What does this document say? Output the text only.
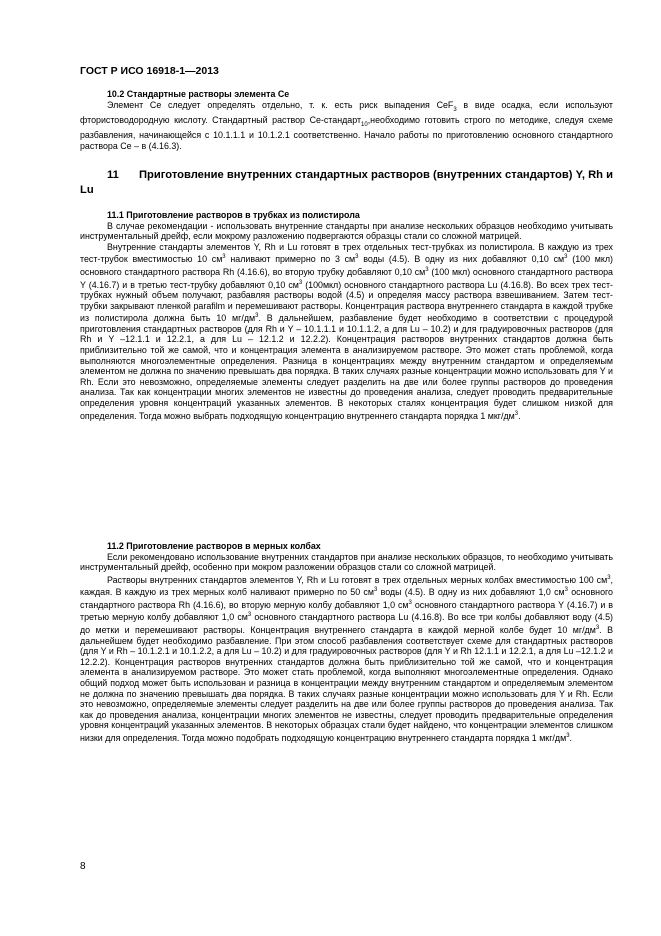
ГОСТ Р ИСО 16918-1—2013
10.2 Стандартные растворы элемента Ce

Элемент Ce следует определять отдельно, т. к. есть риск выпадения CeF$_3$ в виде осадка, если используют фтористоводородную кислоту. Стандартный раствор Ce-стандарт$_{10}$,необходимо готовить строго по методике, следуя схеме разбавления, начинающейся с 10.1.1.1 и 10.1.2.1 соответственно. Начало работы по приготовлению основного стандартного раствора Ce – в (4.16.3).

11 Приготовление внутренних стандартных растворов (внутренних стандартов) Y, Rh и Lu
11.1 Приготовление растворов в трубках из полистирола

В случае рекомендации - использовать внутренние стандарты при анализе нескольких образцов необходимо учитывать инструментальный дрейф, если мокрому разложению подвергаются образцы стали со сложной матрицей.

Внутренние стандарты элементов Y, Rh и Lu готовят в трех отдельных тест-трубках из полистирола. В каждую из трех тест-трубок вместимостью 10 $см^3$ наливают примерно по 3 $см^3$ воды (4.5). В одну из них добавляют 0,10 $см^3$ (100 мкл) основного стандартного раствора Rh (4.16.6), во вторую трубку добавляют 0,10 $см^3$ (100 мкл) основного стандартного раствора Y (4.16.7) и в третью тест-трубку добавляют 0,10 $см^3$ (100мкл) основного стандартного раствора Lu (4.16.8). Во всех трех тест-трубках нужный объем получают, разбавляя растворы водой (4.5) и определяя массу раствора взвешиванием. Затем тест-трубки закрывают пленкой parafilm и перемешивают растворы. Концентрация раствора внутреннего стандарта в каждой трубке из полистирола должна быть 10 $мг/дм^3$. В дальнейшем, разбавление будет необходимо в соответствии с процедурой приготовления стандартных растворов (для Rh и Y – 10.1.1.1 и 10.1.1.2, а для Lu – 10.2) и для градуировочных растворов (для Rh и Y –12.1.1 и 12.2.1, а для Lu – 12.1.2 и 12.2.2). Концентрация растворов внутренних стандартов должна быть приблизительно той же самой, что и концентрация элемента в анализируемом растворе. Это может стать проблемой, когда выполняются многоэлементные определения. Разница в концентрациях между внутренним стандартом и определяемым элементом не должна по значению превышать два порядка. В таких случаях разные концентрации можно использовать для Y и Rh. Если это невозможно, определяемые элементы следует разделить на две или более группы растворов до проведения анализа. Так как концентрации многих элементов не известны до проведения анализа, следует проводить предварительные определения уровня концентраций указанных элементов. В некоторых сталях концентрация будет слишком низкой для определения. Тогда можно выбрать подходящую концентрацию внутреннего стандарта порядка 1 мкг/$дм^3$.

11.2 Приготовление растворов в мерных колбах

Если рекомендовано использование внутренних стандартов при анализе нескольких образцов, то необходимо учитывать инструментальный дрейф, особенно при мокром разложении образцов стали со сложной матрицей.

Растворы внутренних стандартов элементов Y, Rh и Lu готовят в трех отдельных мерных колбах вместимостью 100 $см^3$, каждая. В каждую из трех мерных колб наливают примерно по 50 $см^3$ воды (4.5). В одну из них добавляют 1,0 $см^3$ основного стандартного раствора Rh (4.16.6), во вторую мерную колбу добавляют 1,0 $см^3$ основного стандартного раствора Y (4.16.7) и в третью мерную колбу добавляют 1,0 $см^3$ основного стандартного раствора Lu (4.16.8). Во все три колбы добавляют воду (4.5) до метки и перемешивают растворы. Концентрация внутреннего стандарта в каждой мерной колбе будет 10 $мг/дм^3$. В дальнейшем будет необходимо разбавление. При этом способ разбавления соответствует схеме для стандартных растворов (для Y и Rh – 10.1.2.1 и 10.1.2.2, а для Lu – 10.2) и для градуировочных растворов (для Y и Rh 12.1.1 и 12.2.1, а для Lu –12.1.2 и 12.2.2). Концентрация растворов внутренних стандартов должна быть приблизительно той же самой, что и концентрация элемента в анализируемом растворе. Это может стать проблемой, когда выполняют многоэлементные определения. Однако общий подход может быть использован и разница в концентрации между внутренним стандартом и определяемым элементом не должна по значению превышать два порядка. В таких случаях разные концентрации можно использовать для Y и Rh. Если это невозможно, определяемые элементы следует разделить на две или более группы растворов до проведения анализа. Так как до проведения анализа, концентрации многих элементов не известны, следует проводить предварительные определения уровня концентраций указанных элементов. В некоторых образцах стали будет найдено, что концентрации элементов слишком низки для определения. Тогда можно подобрать подходящую концентрацию внутреннего стандарта порядка 1 мкг/$дм^3$.

8
